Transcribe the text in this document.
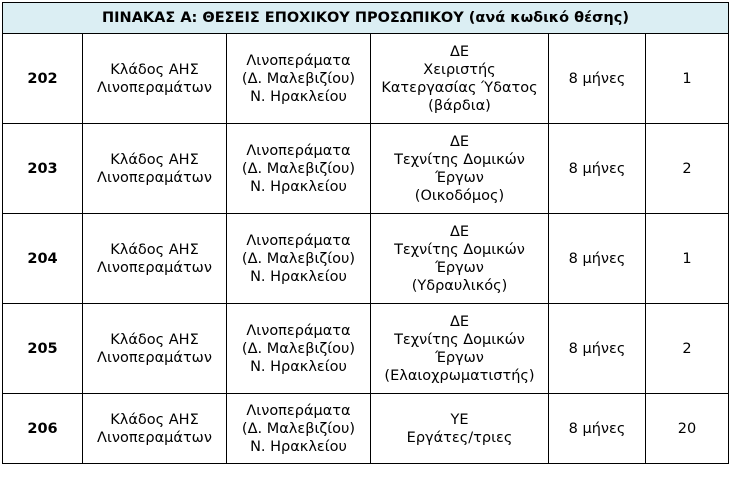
ΠΙΝΑΚΑΣ Α: ΘΕΣΕΙΣ ΕΠΟΧΙΚΟΥ ΠΡΟΣΩΠΙΚΟΥ (ανά κωδικό θέσης)					
202	Κλάδος ΑΗΣ
Λινοπεραμάτων	Λινοπεράματα
(Δ. Μαλεβιζίου)
Ν. Ηρακλείου	ΔΕ
Χειριστής
Κατεργασίας Ύδατος
(βάρδια)	8 μήνες	1
203	Κλάδος ΑΗΣ
Λινοπεραμάτων	Λινοπεράματα
(Δ. Μαλεβιζίου)
Ν. Ηρακλείου	ΔΕ
Τεχνίτης Δομικών
Έργων
(Οικοδόμος)	8 μήνες	2
204	Κλάδος ΑΗΣ
Λινοπεραμάτων	Λινοπεράματα
(Δ. Μαλεβιζίου)
Ν. Ηρακλείου	ΔΕ
Τεχνίτης Δομικών
Έργων
(Υδραυλικός)	8 μήνες	1
205	Κλάδος ΑΗΣ
Λινοπεραμάτων	Λινοπεράματα
(Δ. Μαλεβιζίου)
Ν. Ηρακλείου	ΔΕ
Τεχνίτης Δομικών
Έργων
(Ελαιοχρωματιστής)	8 μήνες	2
206	Κλάδος ΑΗΣ
Λινοπεραμάτων	Λινοπεράματα
(Δ. Μαλεβιζίου)
Ν. Ηρακλείου	ΥΕ
Εργάτες/τριες	8 μήνες	20
